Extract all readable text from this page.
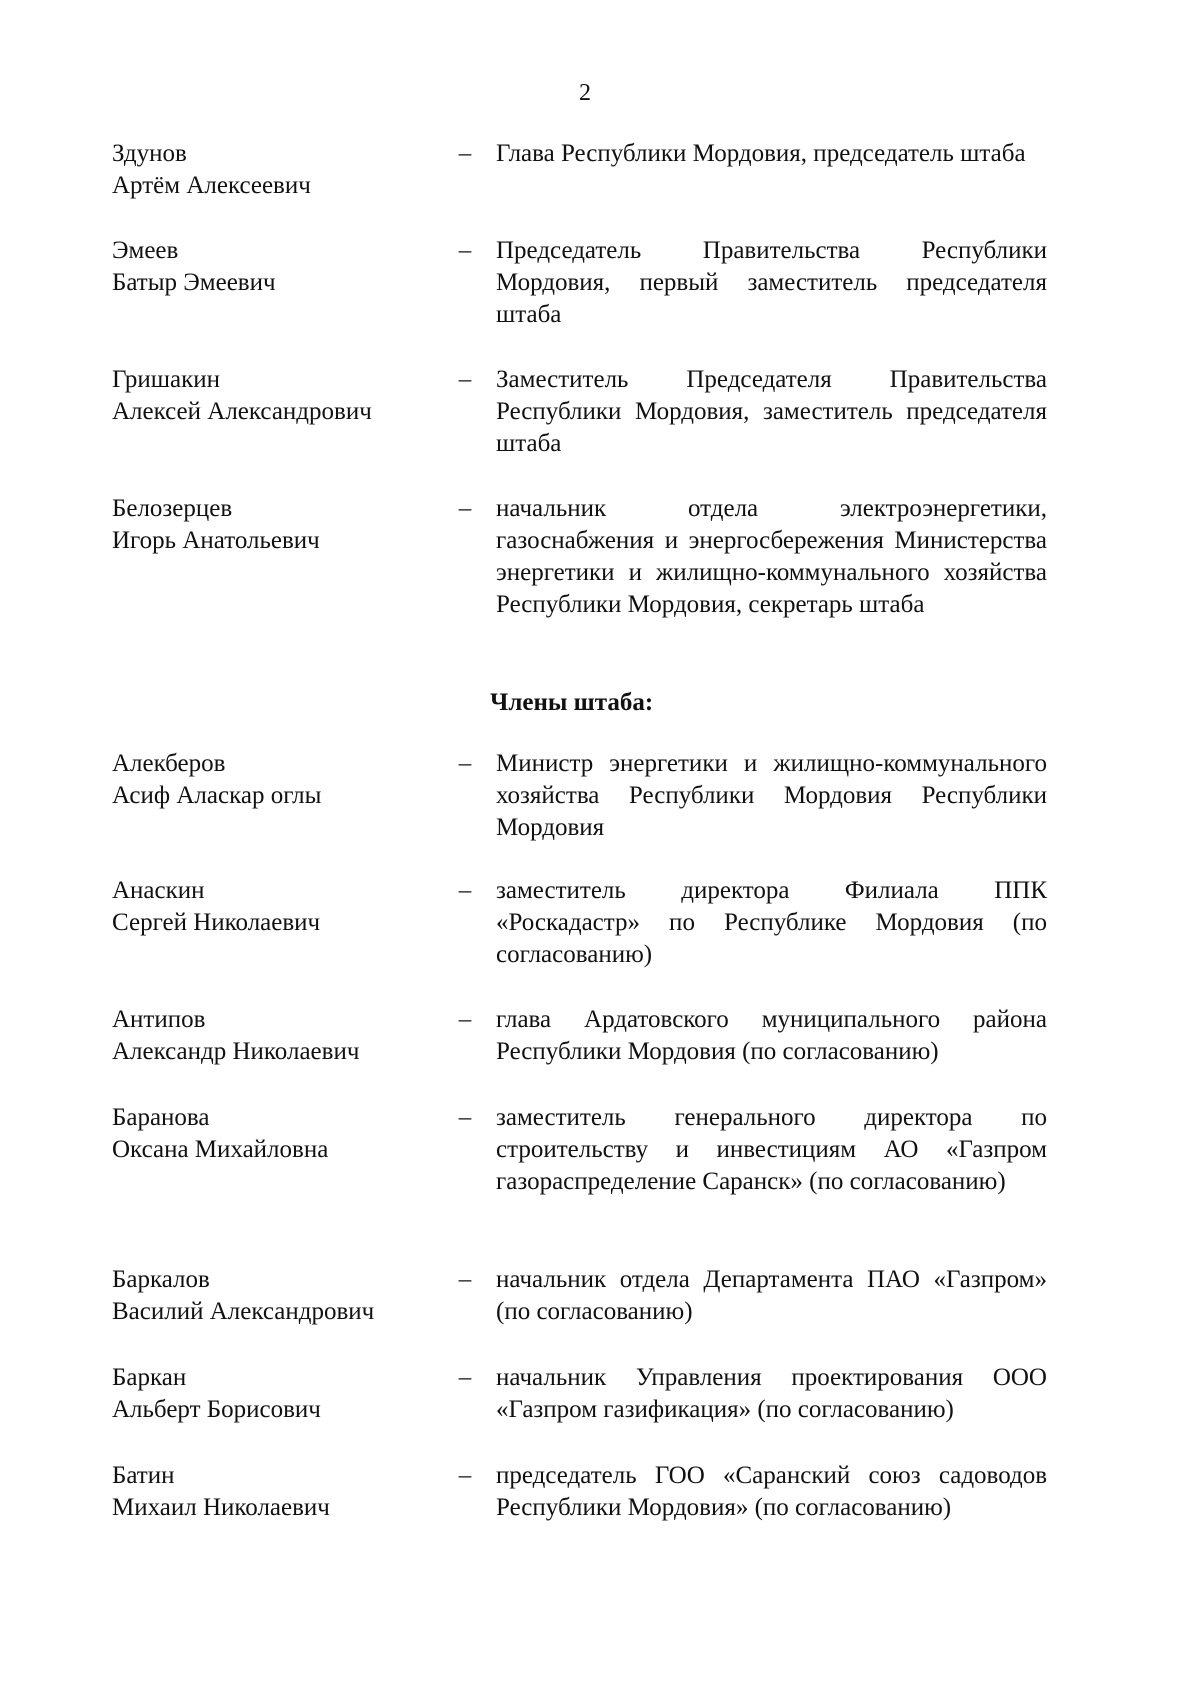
2
Здунов
Артём Алексеевич
– Глава Республики Мордовия, председатель штаба
Эмеев
Батыр Эмеевич
– Председатель Правительства Республики Мордовия, первый заместитель председателя штаба
Гришакин
Алексей Александрович
– Заместитель Председателя Правительства Республики Мордовия, заместитель председателя штаба
Белозерцев
Игорь Анатольевич
– начальник отдела электроэнергетики, газоснабжения и энергосбережения Министерства энергетики и жилищно-коммунального хозяйства Республики Мордовия, секретарь штаба
Члены штаба:
Алекберов
Асиф Аласкар оглы
– Министр энергетики и жилищно-коммунального хозяйства Республики Мордовия Республики Мордовия
Анаскин
Сергей Николаевич
– заместитель директора Филиала ППК «Роскадастр» по Республике Мордовия (по согласованию)
Антипов
Александр Николаевич
– глава Ардатовского муниципального района Республики Мордовия (по согласованию)
Баранова
Оксана Михайловна
– заместитель генерального директора по строительству и инвестициям АО «Газпром газораспределение Саранск» (по согласованию)
Баркалов
Василий Александрович
– начальник отдела Департамента ПАО «Газпром» (по согласованию)
Баркан
Альберт Борисович
– начальник Управления проектирования ООО «Газпром газификация» (по согласованию)
Батин
Михаил Николаевич
– председатель ГОО «Саранский союз садоводов Республики Мордовия» (по согласованию)
